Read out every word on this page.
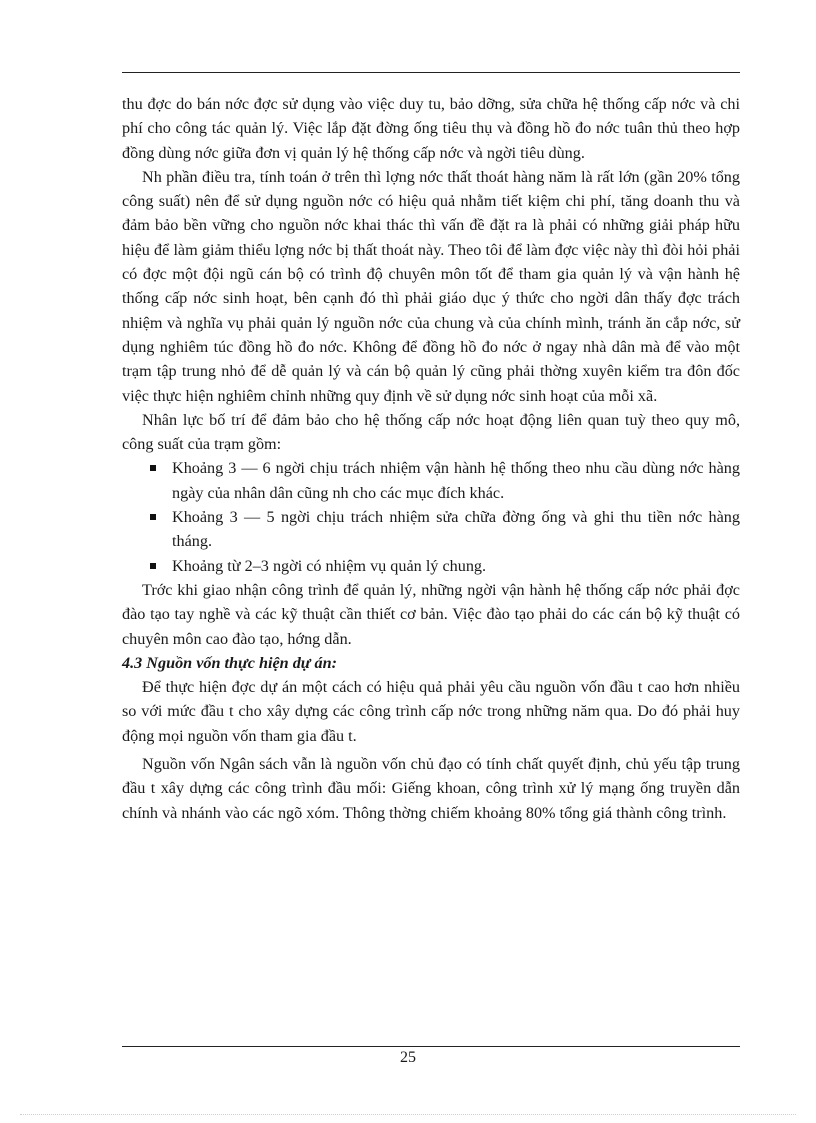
thu đợc do bán nớc đợc sử dụng vào việc duy tu, bảo dỡng, sửa chữa hệ thống cấp nớc và chi phí cho công tác quản lý. Việc lắp đặt đờng ống tiêu thụ và đồng hồ đo nớc tuân thủ theo hợp đồng dùng nớc giữa đơn vị quản lý hệ thống cấp nớc và ngời tiêu dùng.

Nh phần điều tra, tính toán ở trên thì lợng nớc thất thoát hàng năm là rất lớn (gần 20% tổng công suất) nên để sử dụng nguồn nớc có hiệu quả nhằm tiết kiệm chi phí, tăng doanh thu và đảm bảo bền vững cho nguồn nớc khai thác thì vấn đề đặt ra là phải có những giải pháp hữu hiệu để làm giảm thiểu lợng nớc bị thất thoát này. Theo tôi để làm đợc việc này thì đòi hỏi phải có đợc một đội ngũ cán bộ có trình độ chuyên môn tốt để tham gia quản lý và vận hành hệ thống cấp nớc sinh hoạt, bên cạnh đó thì phải giáo dục ý thức cho ngời dân thấy đợc trách nhiệm và nghĩa vụ phải quản lý nguồn nớc của chung và của chính mình, tránh ăn cắp nớc, sử dụng nghiêm túc đồng hồ đo nớc. Không để đồng hồ đo nớc ở ngay nhà dân mà để vào một trạm tập trung nhỏ để dễ quản lý và cán bộ quản lý cũng phải thờng xuyên kiểm tra đôn đốc việc thực hiện nghiêm chỉnh những quy định về sử dụng nớc sinh hoạt của mỗi xã.

Nhân lực bố trí để đảm bảo cho hệ thống cấp nớc hoạt động liên quan tuỳ theo quy mô, công suất của trạm gồm:

Khoảng 3 — 6 ngời chịu trách nhiệm vận hành hệ thống theo nhu cầu dùng nớc hàng ngày của nhân dân cũng nh cho các mục đích khác.
Khoảng 3 — 5 ngời chịu trách nhiệm sửa chữa đờng ống và ghi thu tiền nớc hàng tháng.
Khoảng từ 2–3 ngời có nhiệm vụ quản lý chung.

Trớc khi giao nhận công trình để quản lý, những ngời vận hành hệ thống cấp nớc phải đợc đào tạo tay nghề và các kỹ thuật cần thiết cơ bản. Việc đào tạo phải do các cán bộ kỹ thuật có chuyên môn cao đào tạo, hớng dẫn.

4.3 Nguồn vốn thực hiện dự án:

Để thực hiện đợc dự án một cách có hiệu quả phải yêu cầu nguồn vốn đầu t cao hơn nhiều so với mức đầu t cho xây dựng các công trình cấp nớc trong những năm qua. Do đó phải huy động mọi nguồn vốn tham gia đầu t.

Nguồn vốn Ngân sách vẫn là nguồn vốn chủ đạo có tính chất quyết định, chủ yếu tập trung đầu t xây dựng các công trình đầu mối: Giếng khoan, công trình xử lý mạng ống truyền dẫn chính và nhánh vào các ngõ xóm. Thông thờng chiếm khoảng 80% tổng giá thành công trình.

25
